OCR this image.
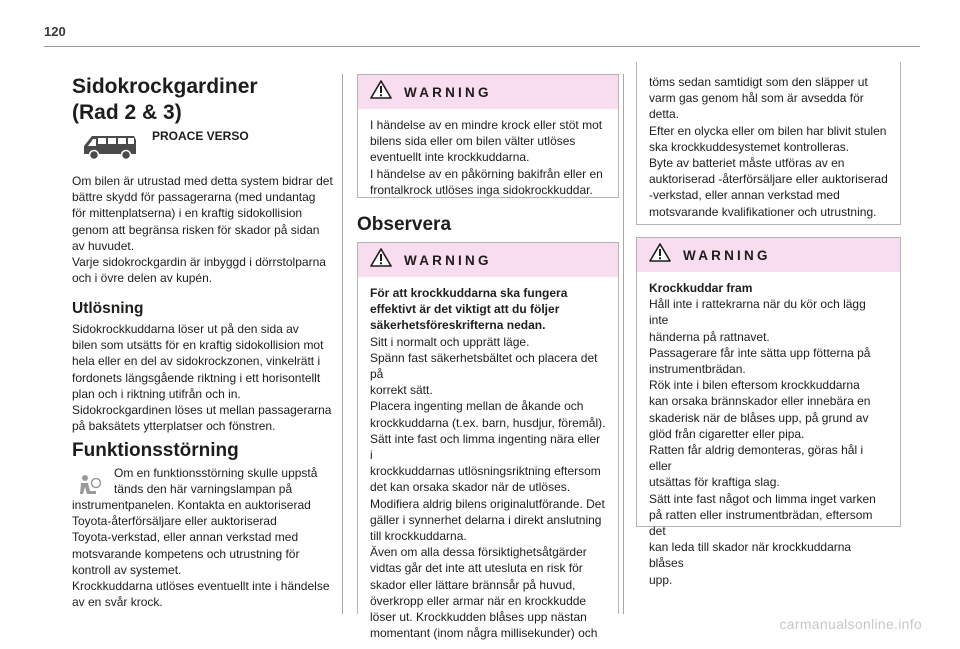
120
Sidokrockgardiner
(Rad 2 & 3)
PROACE VERSO

Om bilen är utrustad med detta system bidrar det
bättre skydd för passagerarna (med undantag
för mittenplatserna) i en kraftig sidokollision
genom att begränsa risken för skador på sidan
av huvudet.
Varje sidokrockgardin är inbyggd i dörrstolparna
och i övre delen av kupén.

Utlösning

Sidokrockkuddarna löser ut på den sida av
bilen som utsätts för en kraftig sidokollision mot
hela eller en del av sidokrockzonen, vinkelrätt i
fordonets längsgående riktning i ett horisontellt
plan och i riktning utifrån och in.
Sidokrockgardinen löses ut mellan passagerarna
på baksätets ytterplatser och fönstren.

Funktionsstörning

Om en funktionsstörning skulle uppstå
tänds den här varningslampan på

instrumentpanelen. Kontakta en auktoriserad
Toyota-återförsäljare eller auktoriserad
Toyota-verkstad, eller annan verkstad med
motsvarande kompetens och utrustning för
kontroll av systemet.
Krockkuddarna utlöses eventuellt inte i händelse
av en svår krock.

WARNING

I händelse av en mindre krock eller stöt mot
bilens sida eller om bilen välter utlöses
eventuellt inte krockkuddarna.
I händelse av en påkörning bakifrån eller en
frontalkrock utlöses inga sidokrockkuddar.

Observera
WARNING

För att krockkuddarna ska fungera
effektivt är det viktigt att du följer
säkerhetsföreskrifterna nedan.

Sitt i normalt och upprätt läge.
Spänn fast säkerhetsbältet och placera det på
korrekt sätt.
Placera ingenting mellan de åkande och
krockkuddarna (t.ex. barn, husdjur, föremål).
Sätt inte fast och limma ingenting nära eller i
krockkuddarnas utlösningsriktning eftersom
det kan orsaka skador när de utlöses.
Modifiera aldrig bilens originalutförande. Det
gäller i synnerhet delarna i direkt anslutning
till krockkuddarna.
Även om alla dessa försiktighetsåtgärder
vidtas går det inte att utesluta en risk för
skador eller lättare brännsår på huvud,
överkropp eller armar när en krockkudde
löser ut. Krockkudden blåses upp nästan
momentant (inom några millisekunder) och

töms sedan samtidigt som den släpper ut
varm gas genom hål som är avsedda för
detta.
Efter en olycka eller om bilen har blivit stulen
ska krockkuddesystemet kontrolleras.
Byte av batteriet måste utföras av en
auktoriserad -återförsäljare eller auktoriserad
-verkstad, eller annan verkstad med
motsvarande kvalifikationer och utrustning.

WARNING

Krockkuddar fram

Håll inte i rattekrarna när du kör och lägg inte
händerna på rattnavet.
Passagerare får inte sätta upp fötterna på
instrumentbrädan.
Rök inte i bilen eftersom krockkuddarna
kan orsaka brännskador eller innebära en
skaderisk när de blåses upp, på grund av
glöd från cigaretter eller pipa.
Ratten får aldrig demonteras, göras hål i eller
utsättas för kraftiga slag.
Sätt inte fast något och limma inget varken
på ratten eller instrumentbrädan, eftersom det
kan leda till skador när krockkuddarna blåses
upp.

carmanualsonline.info
